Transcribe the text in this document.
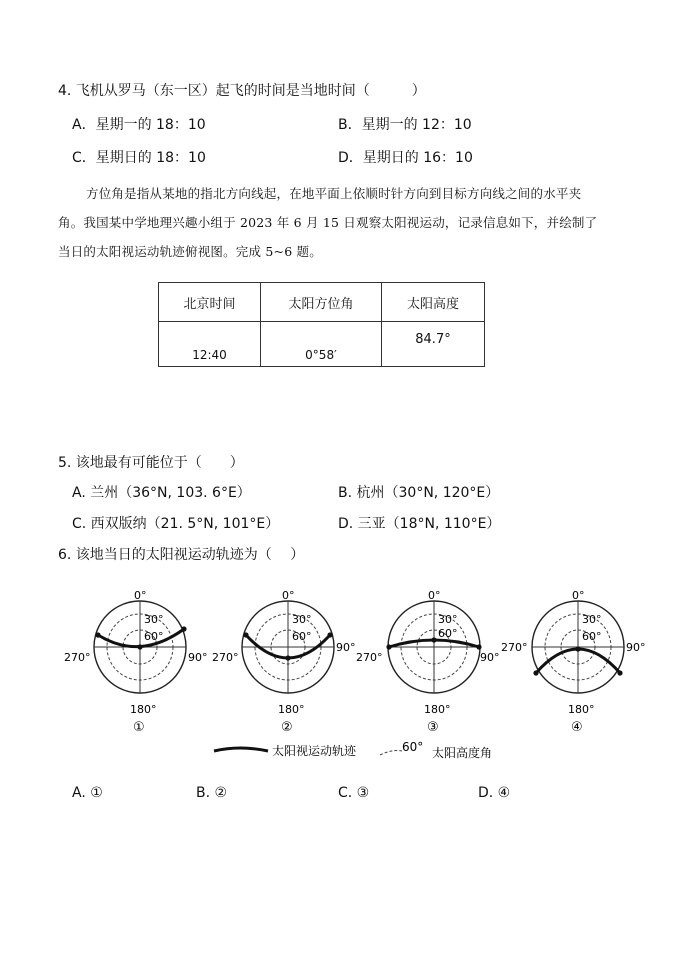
4. 飞机从罗马（东一区）起飞的时间是当地时间（　　　）
A．星期一的 18：10	B．星期一的 12：10
C．星期日的 18：10	D．星期日的 16：10
方位角是指从某地的指北方向线起，在地平面上依顺时针方向到目标方向线之间的水平夹
角。我国某中学地理兴趣小组于 2023 年 6 月 15 日观察太阳视运动，记录信息如下，并绘制了
当日的太阳视运动轨迹俯视图。完成 5~6 题。
北京时间	太阳方位角	太阳高度

12:40	0°58′	84.7°
5. 该地最有可能位于（　　）
A. 兰州（36°N, 103. 6°E）	B. 杭州（30°N, 120°E）
C. 西双版纳（21. 5°N, 101°E）	D. 三亚（18°N, 110°E）
6. 该地当日的太阳视运动轨迹为（　 ）
0°
30°
60°
270°	90°
180°
①
0°
30°
60°
270°
90°
180°
②
0°
30°
60°
270°	90°
180°
③
0°
30°
60°
270°	90°
180°
④
太阳视运动轨迹	60° 太阳高度角
A. ①	B. ②	C. ③	D. ④
